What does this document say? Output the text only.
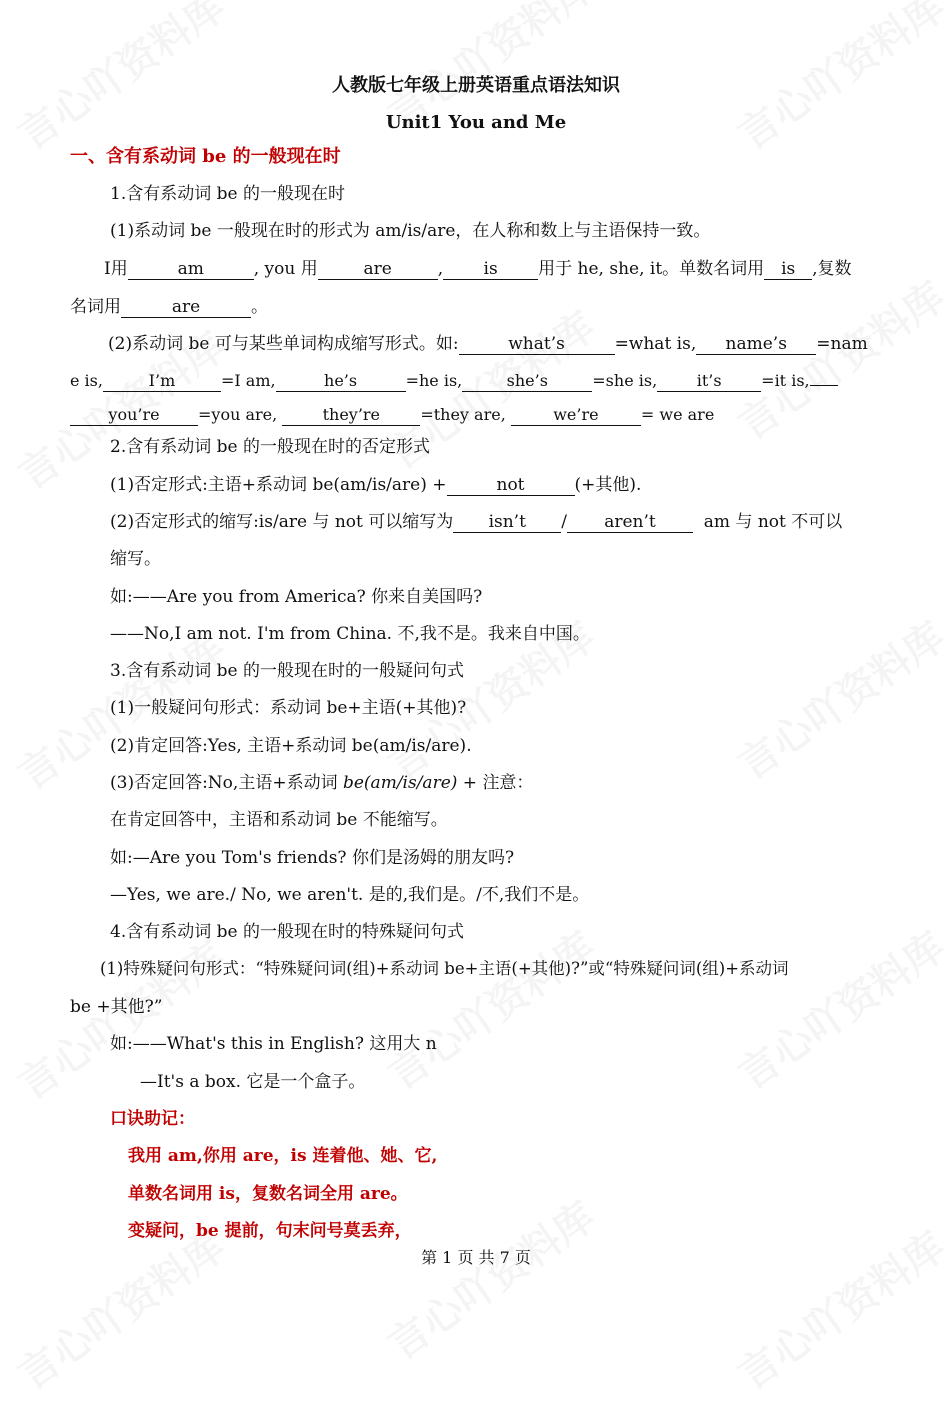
人教版七年级上册英语重点语法知识
Unit1 You and Me
一、含有系动词 be 的一般现在时
1.含有系动词 be 的一般现在时
(1)系动词 be 一般现在时的形式为 am/is/are，在人称和数上与主语保持一致。
I用	am	, you 用	are	, is 用于 he, she, it。单数名词用 is ,复数
名词用	are	。
(2)系动词 be 可与某些单词构成缩写形式。如:	what’s	=what is, name’s =nam
e is,	I’m	=I am,	he’s	=he is,	she’s	=she is, it’s =it is,
you’re =you are,	they’re	=they are,	we’re	= we are
2.含有系动词 be 的一般现在时的否定形式
(1)否定形式:主语+系动词 be(am/is/are) +	not	(+其他).
(2)否定形式的缩写:is/are 与 not 可以缩写为 isn’t / aren’t	am 与 not 不可以
缩写。
如:——Are you from America? 你来自美国吗?
——No,I am not. I'm from China. 不,我不是。我来自中国。
3.含有系动词 be 的一般现在时的一般疑问句式
(1)一般疑问句形式：系动词 be+主语(+其他)?
(2)肯定回答:Yes, 主语+系动词 be(am/is/are).
(3)否定回答:No,主语+系动词 be(am/is/are) + 注意：
在肯定回答中，主语和系动词 be 不能缩写。
如:—Are you Tom's friends? 你们是汤姆的朋友吗?
—Yes, we are./ No, we aren't. 是的,我们是。/不,我们不是。
4.含有系动词 be 的一般现在时的特殊疑问句式
(1)特殊疑问句形式：“特殊疑问词(组)+系动词 be+主语(+其他)?”或“特殊疑问词(组)+系动词
be +其他?”
如:——What's this in English? 这用大 n
—It's a box. 它是一个盒子。
口诀助记：
我用 am,你用 are，is 连着他、她、它,
单数名词用 is，复数名词全用 are。
变疑问，be 提前，句末问号莫丢弃，
第 1 页 共 7 页
